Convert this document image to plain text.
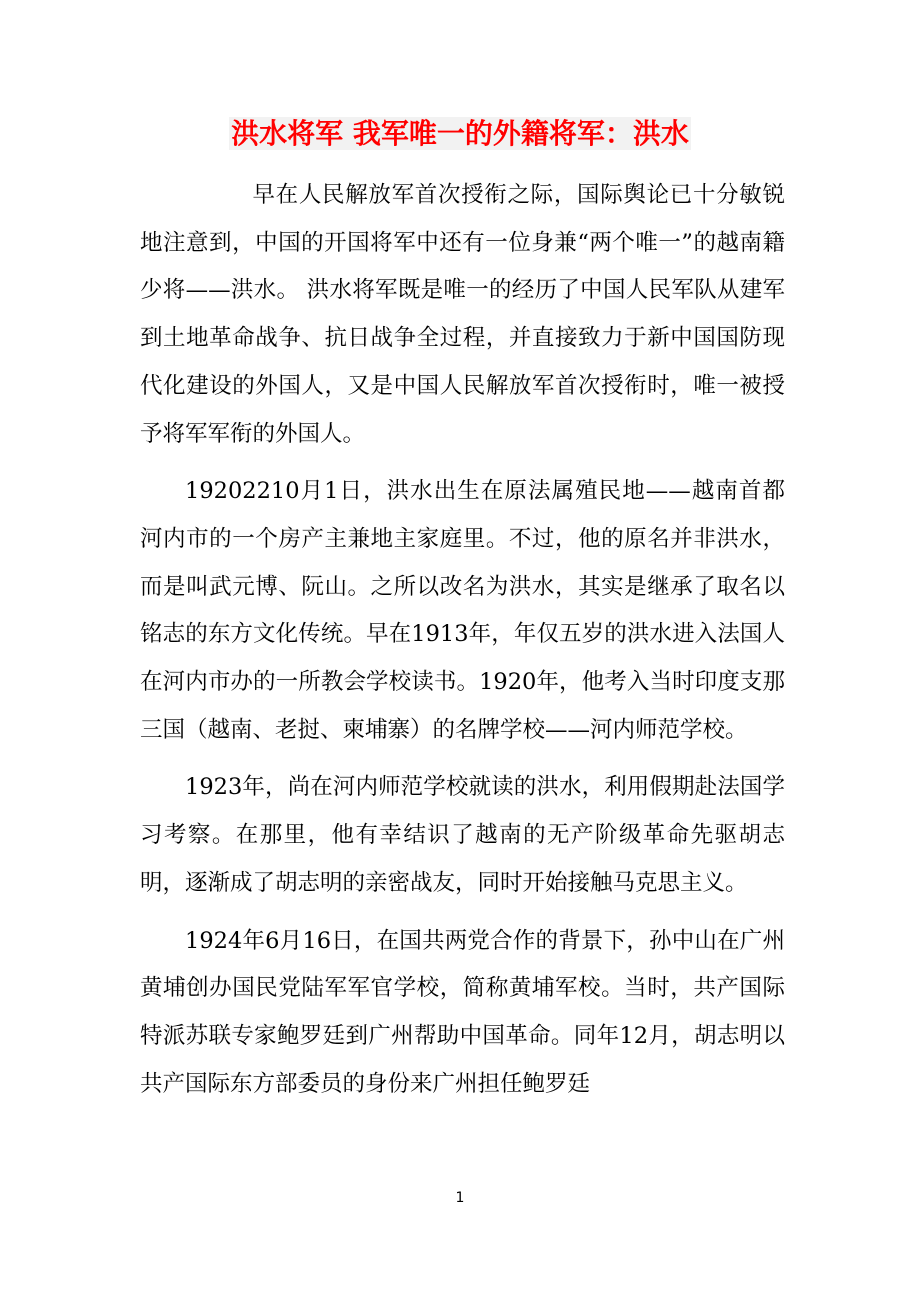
洪水将军 我军唯一的外籍将军：洪水

早在人民解放军首次授衔之际，国际舆论已十分敏锐地注意到，中国的开国将军中还有一位身兼“两个唯一”的越南籍少将——洪水。 洪水将军既是唯一的经历了中国人民军队从建军到土地革命战争、抗日战争全过程，并直接致力于新中国国防现代化建设的外国人，又是中国人民解放军首次授衔时，唯一被授予将军军衔的外国人。

19202210月1日，洪水出生在原法属殖民地——越南首都河内市的一个房产主兼地主家庭里。不过，他的原名并非洪水，而是叫武元博、阮山。之所以改名为洪水，其实是继承了取名以铭志的东方文化传统。早在1913年，年仅五岁的洪水进入法国人在河内市办的一所教会学校读书。1920年，他考入当时印度支那三国（越南、老挝、柬埔寨）的名牌学校——河内师范学校。

1923年，尚在河内师范学校就读的洪水，利用假期赴法国学习考察。在那里，他有幸结识了越南的无产阶级革命先驱胡志明，逐渐成了胡志明的亲密战友，同时开始接触马克思主义。

1924年6月16日，在国共两党合作的背景下，孙中山在广州黄埔创办国民党陆军军官学校，简称黄埔军校。当时，共产国际特派苏联专家鲍罗廷到广州帮助中国革命。同年12月，胡志明以共产国际东方部委员的身份来广州担任鲍罗廷

1
